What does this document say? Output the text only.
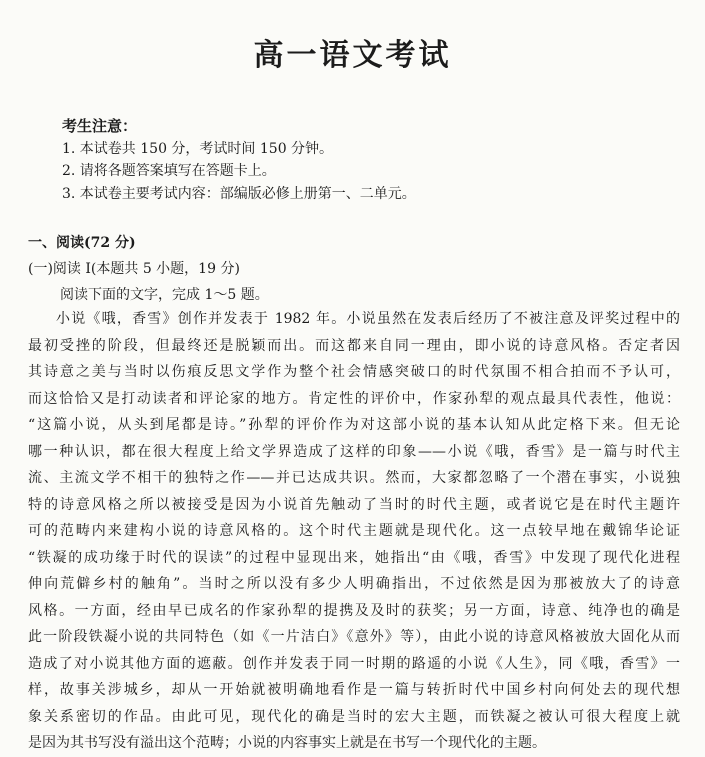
高一语文考试
考生注意：
1. 本试卷共 150 分，考试时间 150 分钟。
2. 请将各题答案填写在答题卡上。
3. 本试卷主要考试内容：部编版必修上册第一、二单元。
一、阅读(72 分)
(一)阅读 Ⅰ(本题共 5 小题，19 分)
阅读下面的文字，完成 1～5 题。
小说《哦，香雪》创作并发表于 1982 年。小说虽然在发表后经历了不被注意及评奖过程中的
最初受挫的阶段，但最终还是脱颖而出。而这都来自同一理由，即小说的诗意风格。否定者因
其诗意之美与当时以伤痕反思文学作为整个社会情感突破口的时代氛围不相合拍而不予认可，
而这恰恰又是打动读者和评论家的地方。肯定性的评价中，作家孙犁的观点最具代表性，他说：
“这篇小说，从头到尾都是诗。”孙犁的评价作为对这部小说的基本认知从此定格下来。但无论
哪一种认识，都在很大程度上给文学界造成了这样的印象——小说《哦，香雪》是一篇与时代主
流、主流文学不相干的独特之作——并已达成共识。然而，大家都忽略了一个潜在事实，小说独
特的诗意风格之所以被接受是因为小说首先触动了当时的时代主题，或者说它是在时代主题许
可的范畴内来建构小说的诗意风格的。这个时代主题就是现代化。这一点较早地在戴锦华论证
“铁凝的成功缘于时代的误读”的过程中显现出来，她指出“由《哦，香雪》中发现了现代化进程
伸向荒僻乡村的触角”。当时之所以没有多少人明确指出，不过依然是因为那被放大了的诗意
风格。一方面，经由早已成名的作家孙犁的提携及及时的获奖；另一方面，诗意、纯净也的确是
此一阶段铁凝小说的共同特色（如《一片洁白》《意外》等），由此小说的诗意风格被放大固化从而
造成了对小说其他方面的遮蔽。创作并发表于同一时期的路遥的小说《人生》，同《哦，香雪》一
样，故事关涉城乡，却从一开始就被明确地看作是一篇与转折时代中国乡村向何处去的现代想
象关系密切的作品。由此可见，现代化的确是当时的宏大主题，而铁凝之被认可很大程度上就
是因为其书写没有溢出这个范畴；小说的内容事实上就是在书写一个现代化的主题。
